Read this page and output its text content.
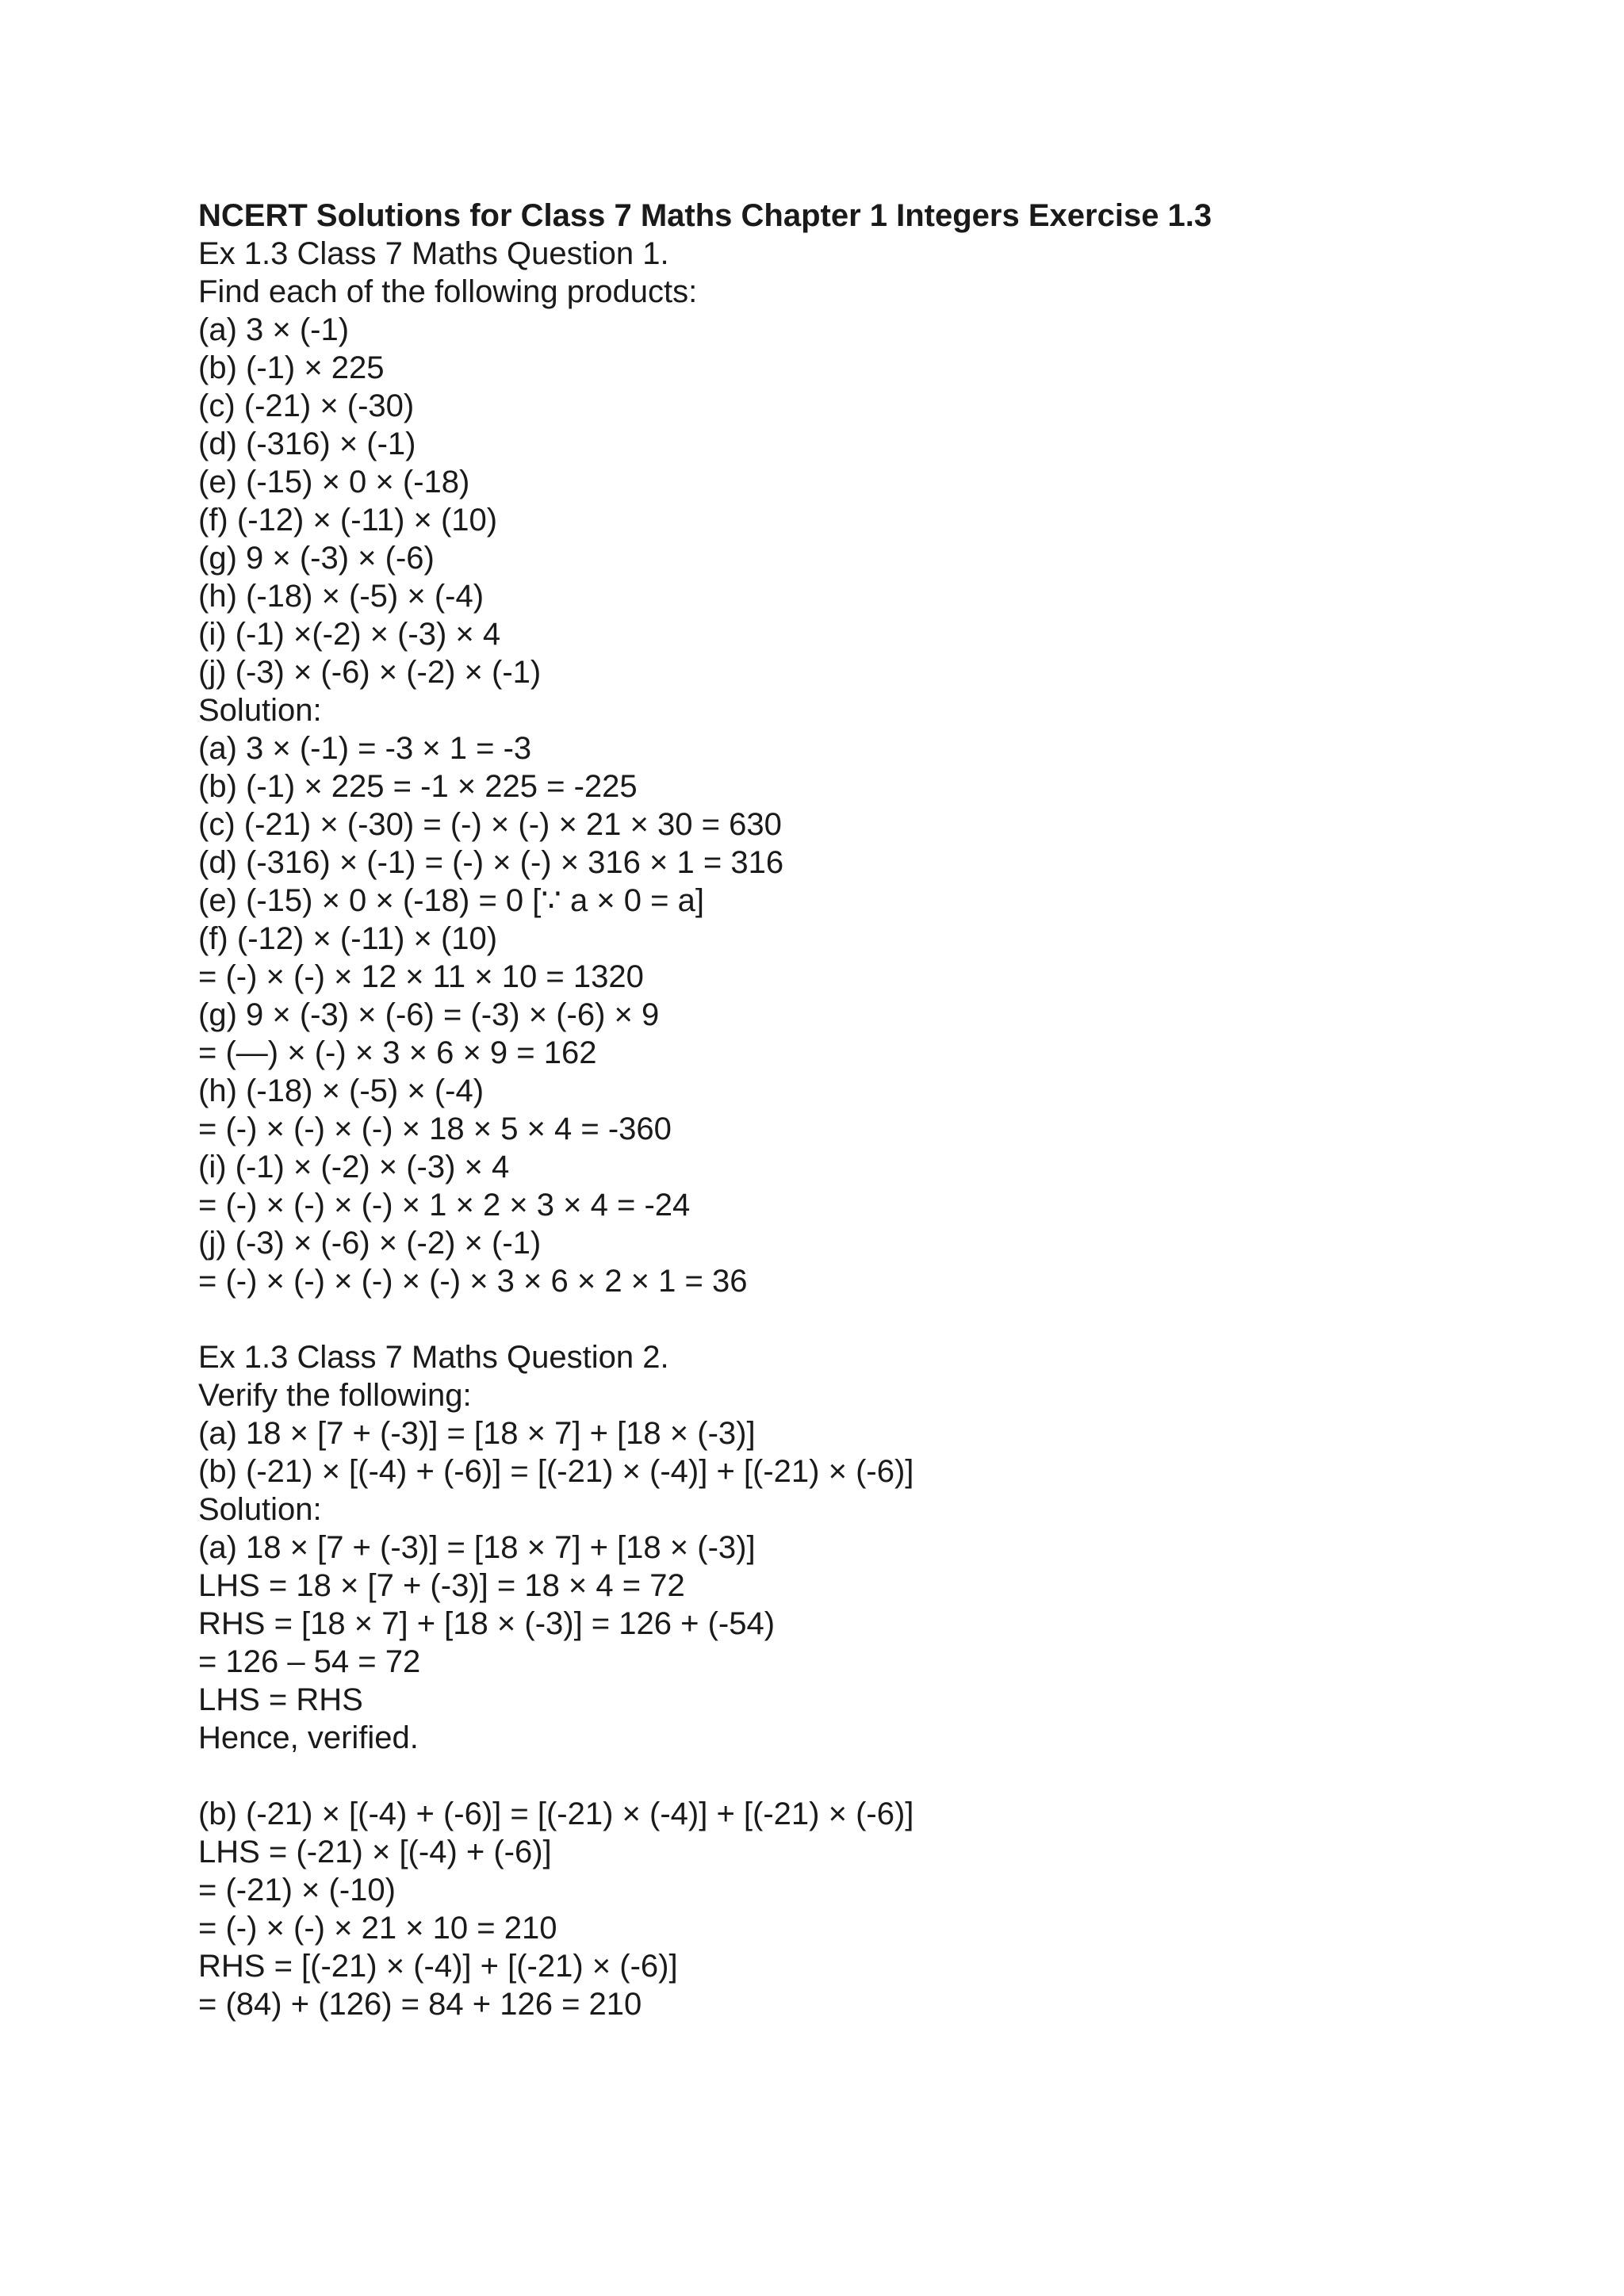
NCERT Solutions for Class 7 Maths Chapter 1 Integers Exercise 1.3
Ex 1.3 Class 7 Maths Question 1.
Find each of the following products:
(a) 3 × (-1)
(b) (-1) × 225
(c) (-21) × (-30)
(d) (-316) × (-1)
(e) (-15) × 0 × (-18)
(f) (-12) × (-11) × (10)
(g) 9 × (-3) × (-6)
(h) (-18) × (-5) × (-4)
(i) (-1) ×(-2) × (-3) × 4
(j) (-3) × (-6) × (-2) × (-1)
Solution:
(a) 3 × (-1) = -3 × 1 = -3
(b) (-1) × 225 = -1 × 225 = -225
(c) (-21) × (-30) = (-) × (-) × 21 × 30 = 630
(d) (-316) × (-1) = (-) × (-) × 316 × 1 = 316
(e) (-15) × 0 × (-18) = 0 [∵ a × 0 = a]
(f) (-12) × (-11) × (10)
= (-) × (-) × 12 × 11 × 10 = 1320
(g) 9 × (-3) × (-6) = (-3) × (-6) × 9
= (—) × (-) × 3 × 6 × 9 = 162
(h) (-18) × (-5) × (-4)
= (-) × (-) × (-) × 18 × 5 × 4 = -360
(i) (-1) × (-2) × (-3) × 4
= (-) × (-) × (-) × 1 × 2 × 3 × 4 = -24
(j) (-3) × (-6) × (-2) × (-1)
= (-) × (-) × (-) × (-) × 3 × 6 × 2 × 1 = 36
Ex 1.3 Class 7 Maths Question 2.
Verify the following:
(a) 18 × [7 + (-3)] = [18 × 7] + [18 × (-3)]
(b) (-21) × [(-4) + (-6)] = [(-21) × (-4)] + [(-21) × (-6)]
Solution:
(a) 18 × [7 + (-3)] = [18 × 7] + [18 × (-3)]
LHS = 18 × [7 + (-3)] = 18 × 4 = 72
RHS = [18 × 7] + [18 × (-3)] = 126 + (-54)
= 126 – 54 = 72
LHS = RHS
Hence, verified.
(b) (-21) × [(-4) + (-6)] = [(-21) × (-4)] + [(-21) × (-6)]
LHS = (-21) × [(-4) + (-6)]
= (-21) × (-10)
= (-) × (-) × 21 × 10 = 210
RHS = [(-21) × (-4)] + [(-21) × (-6)]
= (84) + (126) = 84 + 126 = 210
